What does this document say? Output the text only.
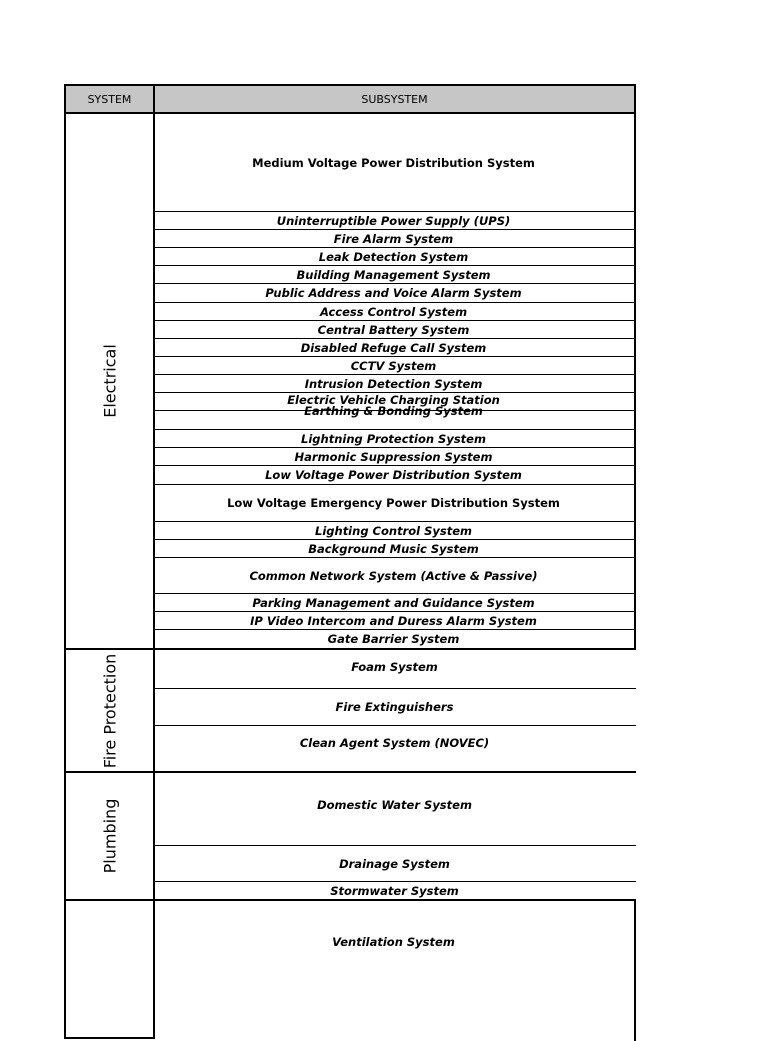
SYSTEM	SUBSYSTEM
Electrical
Fire Protection
Plumbing
Medium Voltage Power Distribution System
Uninterruptible Power Supply (UPS)
Fire Alarm System
Leak Detection System
Building Management System
Public Address and Voice Alarm System
Access Control System
Central Battery System
Disabled Refuge Call System
CCTV System
Intrusion Detection System
Electric Vehicle Charging Station
Earthing & Bonding System
Lightning Protection System
Harmonic Suppression System
Low Voltage Power Distribution System
Low Voltage Emergency Power Distribution System
Lighting Control System
Background Music System
Common Network System (Active & Passive)
Parking Management and Guidance System
IP Video Intercom and Duress Alarm System
Gate Barrier System
Foam System
Fire Extinguishers
Clean Agent System (NOVEC)
Domestic Water System
Drainage System
Stormwater System
Ventilation System
